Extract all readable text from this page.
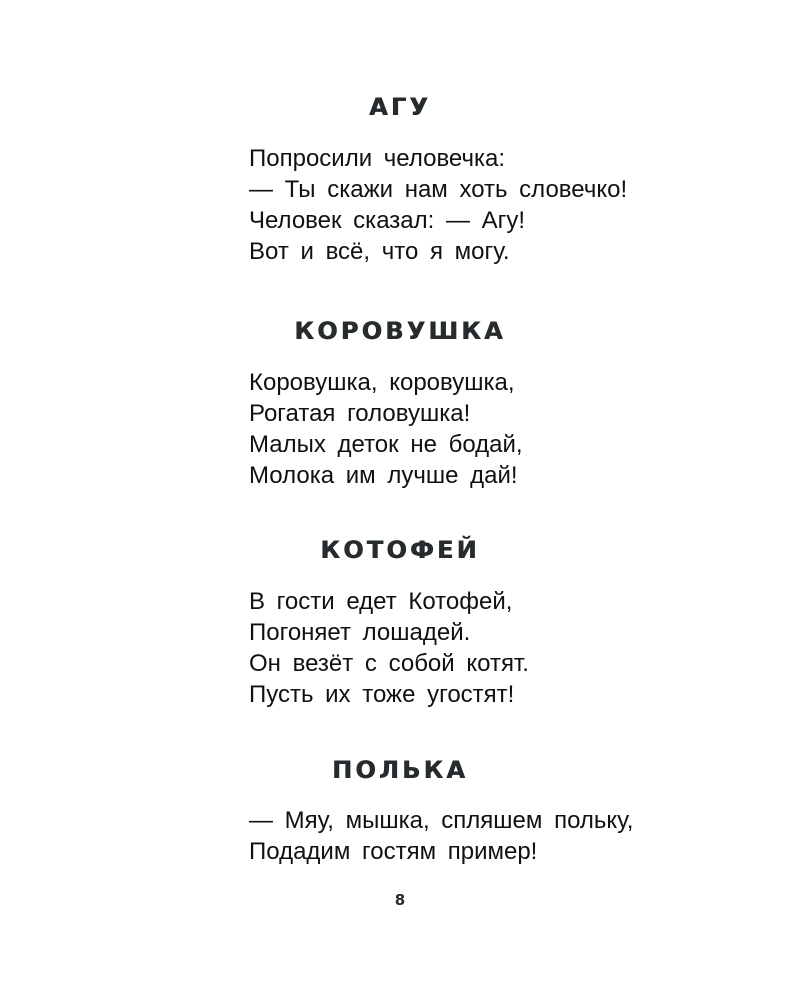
АГУ
Попросили человечка:
— Ты скажи нам хоть словечко!
Человек сказал: — Агу!
Вот и всё, что я могу.
КОРОВУШКА
Коровушка, коровушка,
Рогатая головушка!
Малых деток не бодай,
Молока им лучше дай!
КОТОФЕЙ
В гости едет Котофей,
Погоняет лошадей.
Он везёт с собой котят.
Пусть их тоже угостят!
ПОЛЬКА
— Мяу, мышка, спляшем польку,
Подадим гостям пример!
8
